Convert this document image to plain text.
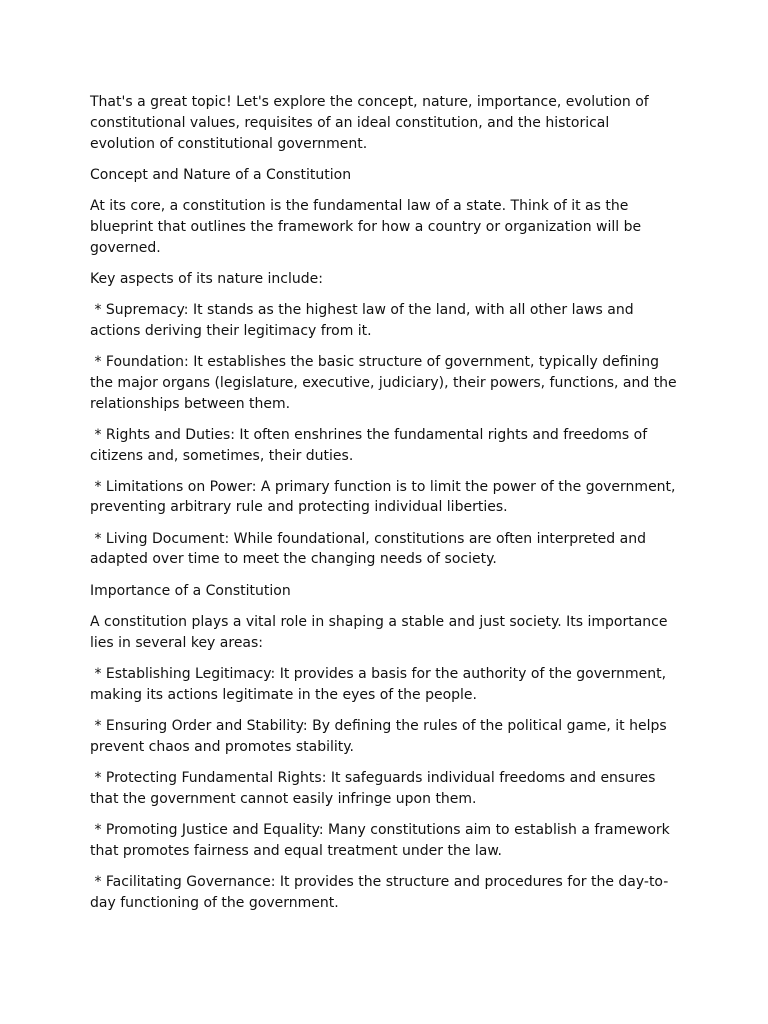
That's a great topic! Let's explore the concept, nature, importance, evolution of constitutional values, requisites of an ideal constitution, and the historical evolution of constitutional government.

Concept and Nature of a Constitution

At its core, a constitution is the fundamental law of a state. Think of it as the blueprint that outlines the framework for how a country or organization will be governed.

Key aspects of its nature include:

* Supremacy: It stands as the highest law of the land, with all other laws and actions deriving their legitimacy from it.

* Foundation: It establishes the basic structure of government, typically defining the major organs (legislature, executive, judiciary), their powers, functions, and the relationships between them.

* Rights and Duties: It often enshrines the fundamental rights and freedoms of citizens and, sometimes, their duties.

* Limitations on Power: A primary function is to limit the power of the government, preventing arbitrary rule and protecting individual liberties.

* Living Document: While foundational, constitutions are often interpreted and adapted over time to meet the changing needs of society.

Importance of a Constitution

A constitution plays a vital role in shaping a stable and just society. Its importance lies in several key areas:

* Establishing Legitimacy: It provides a basis for the authority of the government, making its actions legitimate in the eyes of the people.

* Ensuring Order and Stability: By defining the rules of the political game, it helps prevent chaos and promotes stability.

* Protecting Fundamental Rights: It safeguards individual freedoms and ensures that the government cannot easily infringe upon them.

* Promoting Justice and Equality: Many constitutions aim to establish a framework that promotes fairness and equal treatment under the law.

* Facilitating Governance: It provides the structure and procedures for the day-to-day functioning of the government.
